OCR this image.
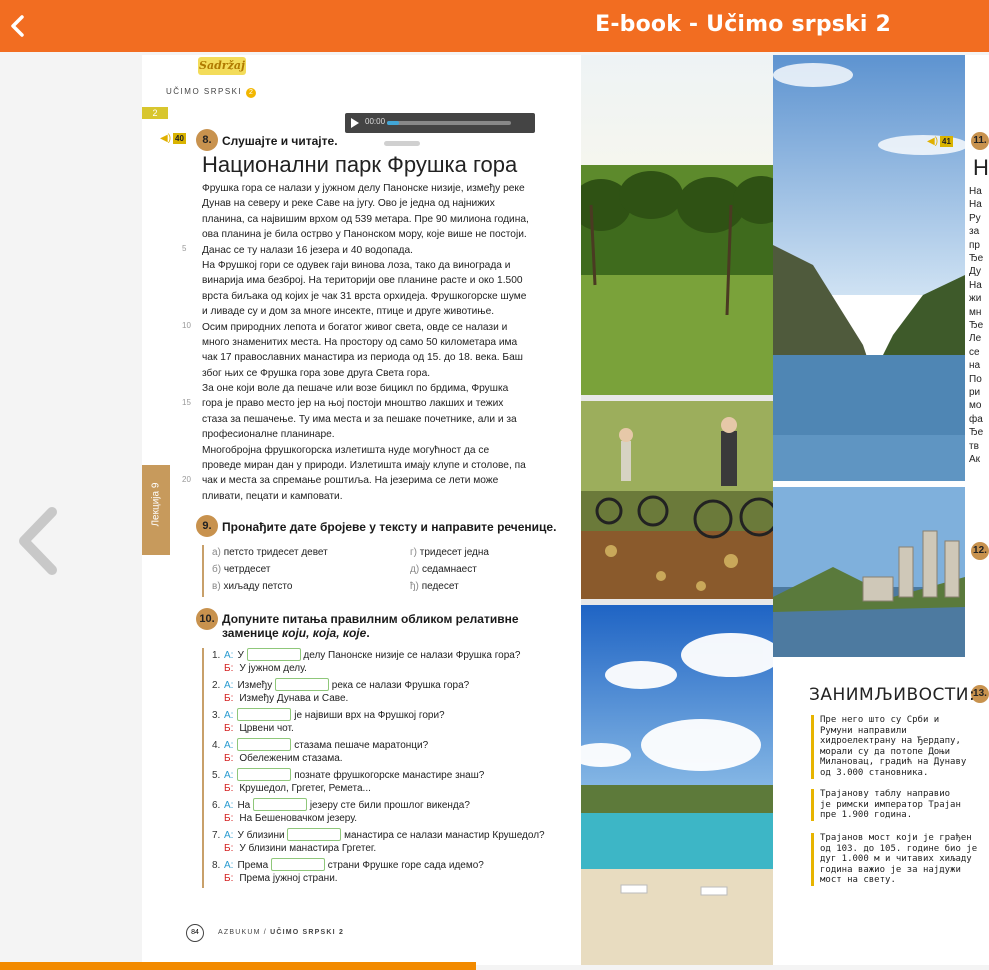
E-book - Učimo srpski 2
Sadržaj
UČIMO SRPSKI 2
2
00:00
◀) 40	8. Слушајте и читајте.
Национални парк Фрушка гора
Фрушка гора се налази у јужном делу Панонске низије, између реке
Дунав на северу и реке Саве на југу. Ово је једна од најнижих
планина, са највишим врхом од 539 метара. Пре 90 милиона година,
ова планина је била острво у Панонском мору, које више не постоји.
Данас се ту налази 16 језера и 40 водопада.
На Фрушкој гори се одувек гаји винова лоза, тако да винограда и
винарија има безброј. На територији ове планине расте и око 1.500
врста биљака од којих је чак 31 врста орхидеја. Фрушкогорске шуме
и ливаде су и дом за многе инсекте, птице и друге животиње.
Осим природних лепота и богатог живог света, овде се налази и
много знаменитих места. На простору од само 50 километара има
чак 17 православних манастира из периода од 15. до 18. века. Баш
због њих се Фрушка гора зове друга Света гора.
За оне који воле да пешаче или возе бицикл по брдима, Фрушка
гора је право место јер на њој постоји мноштво лакших и тежих
стаза за пешачење. Ту има места и за пешаке почетнике, али и за
професионалне планинаре.
Многобројна фрушкогорска излетишта нуде могућност да се
проведе миран дан у природи. Излетишта имају клупе и столове, па
чак и места за спремање роштиља. На језерима се лети може
пливати, пецати и камповати.
5
10
15
20
Лекција 9	9. Пронађите дате бројеве у тексту и направите реченице.
а) петсто тридесет девет
б) четрдесет
в) хиљаду петсто
г) тридесет једна
д) седамнаест
ђ) педесет
10. Допуните питања правилним обликом релативне
заменице који, која, које.
1. А: У	делу Панонске низије се налази Фрушка гора?
Б: У јужном делу.
2. А: Између	река се налази Фрушка гора?
Б: Између Дунава и Саве.
3. А:	је највиши врх на Фрушкој гори?
Б: Црвени чот.
4. А:	стазама пешаче маратонци?
Б: Обележеним стазама.
5. А:	познате фрушкогорске манастире знаш?
Б: Крушедол, Гргетег, Ремета...
6. А: На	језеру сте били прошлог викенда?
Б: На Бешеновачком језеру.
7. А: У близини	манастира се налази манастир Крушедол?
Б: У близини манастира Гргетег.
8. А: Према	страни Фрушке горе сада идемо?
Б: Према јужној страни.
84	AZBUKUM / UČIMO SRPSKI 2
◀) 41 11.
Н
На
На
Ру
за
пр
Ђе
Ду
На
жи
мн
Ђе
Ле
се
на
По
ри
мо
фа
Ђе
тв
Ак
12.
13.
ЗАНИМЉИВОСТИ:
Пре него што су Срби и
Румуни направили
хидроелектрану на Ђердапу,
морали су да потопе Доњи
Милановац, градић на Дунаву
од 3.000 становника.
Трајанову таблу направио
је римски император Трајан
пре 1.900 година.
Трајанов мост који је грађен
од 103. до 105. године био је
дуг 1.000 м и читавих хиљаду
година важио је за најдужи
мост на свету.
